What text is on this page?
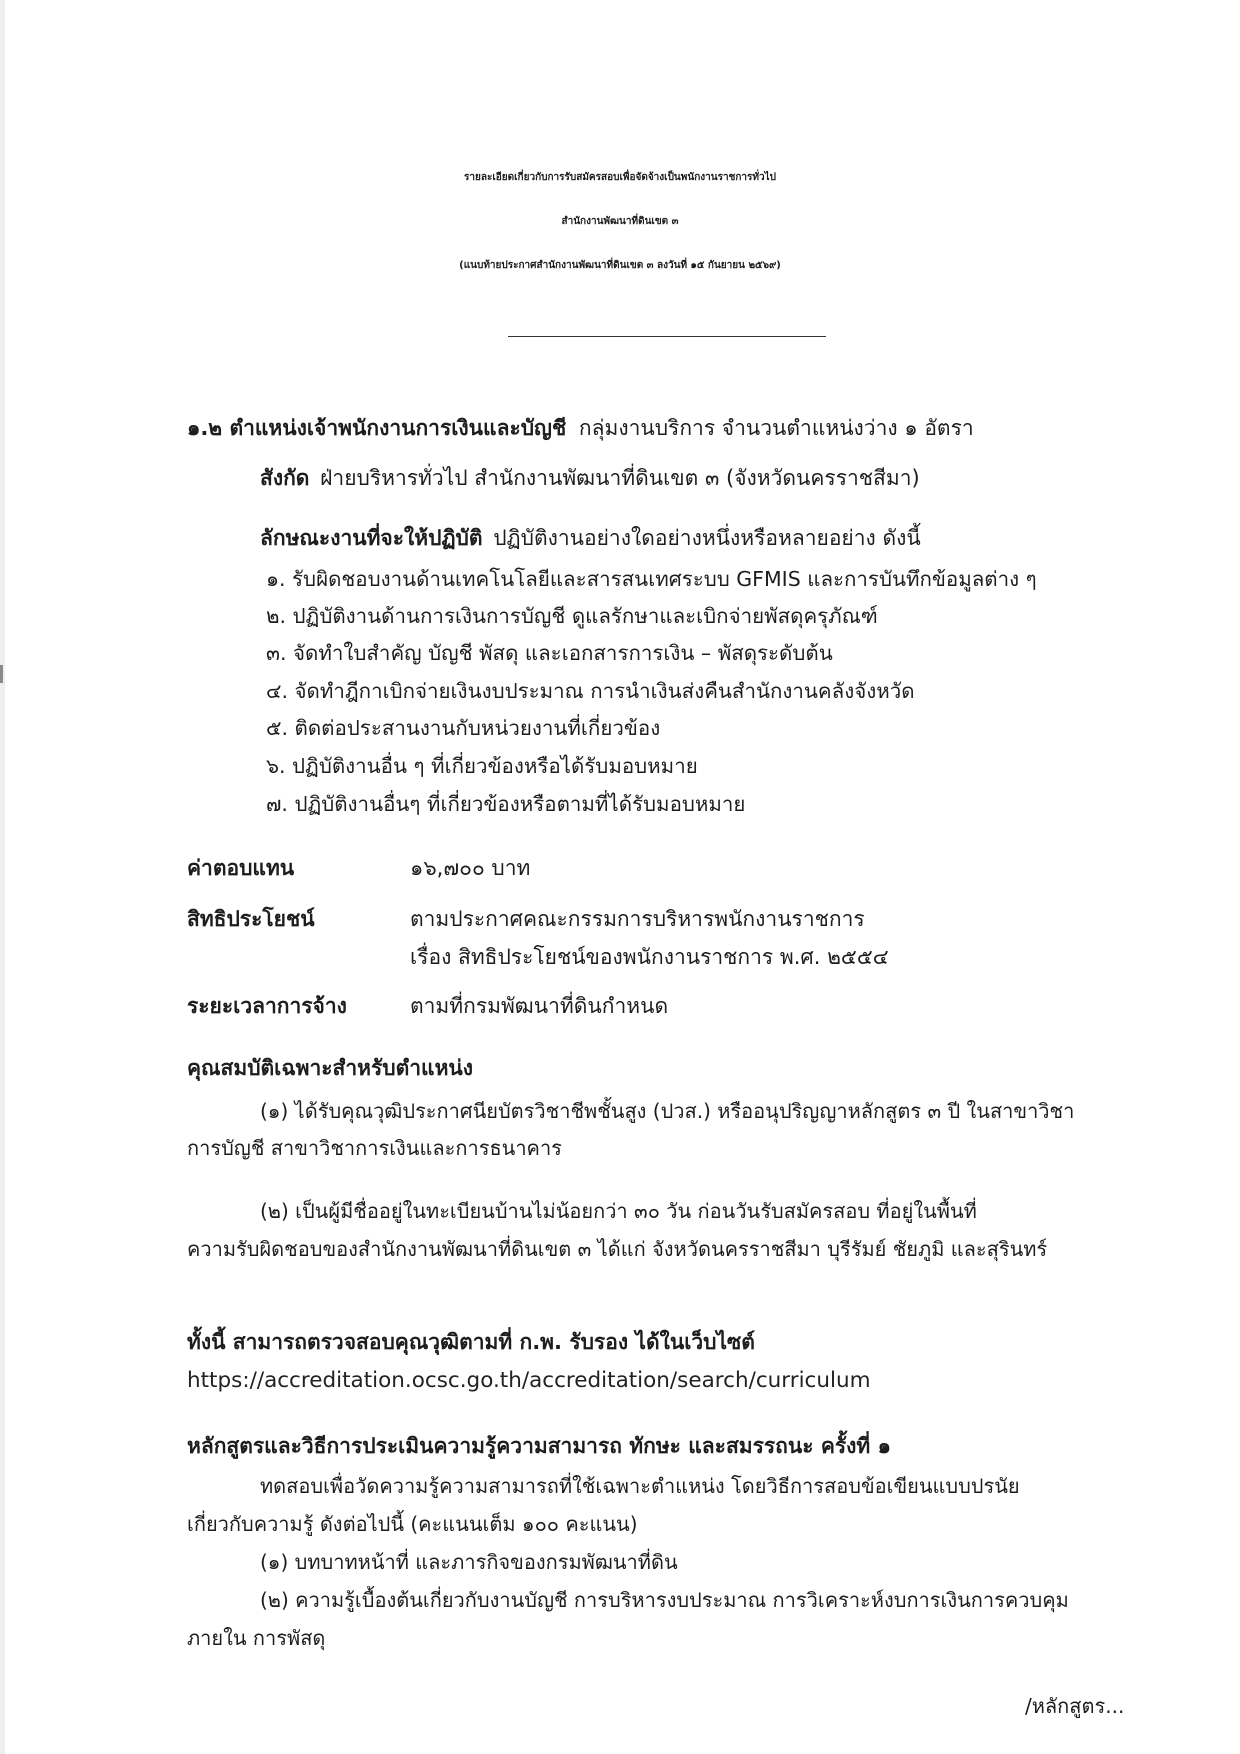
รายละเอียดเกี่ยวกับการรับสมัครสอบเพื่อจัดจ้างเป็นพนักงานราชการทั่วไป
สำนักงานพัฒนาที่ดินเขต ๓
(แนบท้ายประกาศสำนักงานพัฒนาที่ดินเขต ๓ ลงวันที่ ๑๕ กันยายน ๒๕๖๙)
๑.๒ ตำแหน่งเจ้าพนักงานการเงินและบัญชี กลุ่มงานบริการ จำนวนตำแหน่งว่าง ๑ อัตรา
สังกัด ฝ่ายบริหารทั่วไป สำนักงานพัฒนาที่ดินเขต ๓ (จังหวัดนครราชสีมา)
ลักษณะงานที่จะให้ปฏิบัติ ปฏิบัติงานอย่างใดอย่างหนึ่งหรือหลายอย่าง ดังนี้
๑. รับผิดชอบงานด้านเทคโนโลยีและสารสนเทศระบบ GFMIS และการบันทึกข้อมูลต่าง ๆ
๒. ปฏิบัติงานด้านการเงินการบัญชี ดูแลรักษาและเบิกจ่ายพัสดุครุภัณฑ์
๓. จัดทำใบสำคัญ บัญชี พัสดุ และเอกสารการเงิน – พัสดุระดับต้น
๔. จัดทำฎีกาเบิกจ่ายเงินงบประมาณ การนำเงินส่งคืนสำนักงานคลังจังหวัด
๕. ติดต่อประสานงานกับหน่วยงานที่เกี่ยวข้อง
๖. ปฏิบัติงานอื่น ๆ ที่เกี่ยวข้องหรือได้รับมอบหมาย
๗. ปฏิบัติงานอื่นๆ ที่เกี่ยวข้องหรือตามที่ได้รับมอบหมาย
ค่าตอบแทน	๑๖,๗๐๐ บาท
สิทธิประโยชน์	ตามประกาศคณะกรรมการบริหารพนักงานราชการ
เรื่อง สิทธิประโยชน์ของพนักงานราชการ พ.ศ. ๒๕๕๔
ระยะเวลาการจ้าง	ตามที่กรมพัฒนาที่ดินกำหนด
คุณสมบัติเฉพาะสำหรับตำแหน่ง
(๑) ได้รับคุณวุฒิประกาศนียบัตรวิชาชีพชั้นสูง (ปวส.) หรืออนุปริญญาหลักสูตร ๓ ปี ในสาขาวิชา
การบัญชี สาขาวิชาการเงินและการธนาคาร
(๒) เป็นผู้มีชื่ออยู่ในทะเบียนบ้านไม่น้อยกว่า ๓๐ วัน ก่อนวันรับสมัครสอบ ที่อยู่ในพื้นที่
ความรับผิดชอบของสำนักงานพัฒนาที่ดินเขต ๓ ได้แก่ จังหวัดนครราชสีมา บุรีรัมย์ ชัยภูมิ และสุรินทร์
ทั้งนี้ สามารถตรวจสอบคุณวุฒิตามที่ ก.พ. รับรอง ได้ในเว็บไซต์
https://accreditation.ocsc.go.th/accreditation/search/curriculum
หลักสูตรและวิธีการประเมินความรู้ความสามารถ ทักษะ และสมรรถนะ ครั้งที่ ๑
ทดสอบเพื่อวัดความรู้ความสามารถที่ใช้เฉพาะตำแหน่ง โดยวิธีการสอบข้อเขียนแบบปรนัย
เกี่ยวกับความรู้ ดังต่อไปนี้ (คะแนนเต็ม ๑๐๐ คะแนน)
(๑) บทบาทหน้าที่ และภารกิจของกรมพัฒนาที่ดิน
(๒) ความรู้เบื้องต้นเกี่ยวกับงานบัญชี การบริหารงบประมาณ การวิเคราะห์งบการเงินการควบคุม
ภายใน การพัสดุ
/หลักสูตร...
